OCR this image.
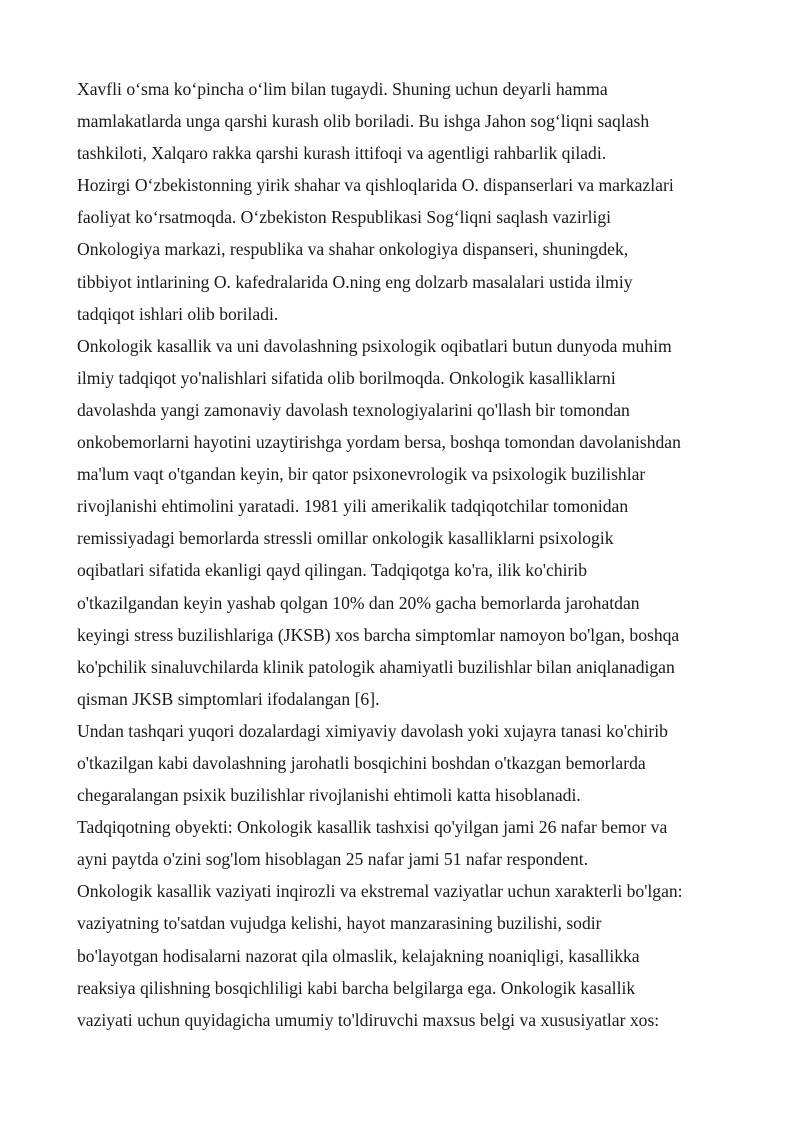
Xavfli o‘sma ko‘pincha o‘lim bilan tugaydi. Shuning uchun deyarli hamma
mamlakatlarda unga qarshi kurash olib boriladi. Bu ishga Jahon sog‘liqni saqlash
tashkiloti, Xalqaro rakka qarshi kurash ittifoqi va agentligi rahbarlik qiladi.
Hozirgi O‘zbekistonning yirik shahar va qishloqlarida O. dispanserlari va markazlari
faoliyat ko‘rsatmoqda. O‘zbekiston Respublikasi Sog‘liqni saqlash vazirligi
Onkologiya markazi, respublika va shahar onkologiya dispanseri, shuningdek,
tibbiyot intlarining O. kafedralarida O.ning eng dolzarb masalalari ustida ilmiy
tadqiqot ishlari olib boriladi.
Onkologik kasallik va uni davolashning psixologik oqibatlari butun dunyoda muhim
ilmiy tadqiqot yo'nalishlari sifatida olib borilmoqda. Onkologik kasalliklarni
davolashda yangi zamonaviy davolash texnologiyalarini qo'llash bir tomondan
onkobemorlarni hayotini uzaytirishga yordam bersa, boshqa tomondan davolanishdan
ma'lum vaqt o'tgandan keyin, bir qator psixonevrologik va psixologik buzilishlar
rivojlanishi ehtimolini yaratadi. 1981 yili amerikalik tadqiqotchilar tomonidan
remissiyadagi bemorlarda stressli omillar onkologik kasalliklarni psixologik
oqibatlari sifatida ekanligi qayd qilingan. Tadqiqotga ko'ra, ilik ko'chirib
o'tkazilgandan keyin yashab qolgan 10% dan 20% gacha bemorlarda jarohatdan
keyingi stress buzilishlariga (JKSB) xos barcha simptomlar namoyon bo'lgan, boshqa
ko'pchilik sinaluvchilarda klinik patologik ahamiyatli buzilishlar bilan aniqlanadigan
qisman JKSB simptomlari ifodalangan [6].
Undan tashqari yuqori dozalardagi ximiyaviy davolash yoki xujayra tanasi ko'chirib
o'tkazilgan kabi davolashning jarohatli bosqichini boshdan o'tkazgan bemorlarda
chegaralangan psixik buzilishlar rivojlanishi ehtimoli katta hisoblanadi.
Tadqiqotning obyekti: Onkologik kasallik tashxisi qo'yilgan jami 26 nafar bemor va
ayni paytda o'zini sog'lom hisoblagan 25 nafar jami 51 nafar respondent.
Onkologik kasallik vaziyati inqirozli va ekstremal vaziyatlar uchun xarakterli bo'lgan:
vaziyatning to'satdan vujudga kelishi, hayot manzarasining buzilishi, sodir
bo'layotgan hodisalarni nazorat qila olmaslik, kelajakning noaniqligi, kasallikka
reaksiya qilishning bosqichliligi kabi barcha belgilarga ega. Onkologik kasallik
vaziyati uchun quyidagicha umumiy to'ldiruvchi maxsus belgi va xususiyatlar xos:
